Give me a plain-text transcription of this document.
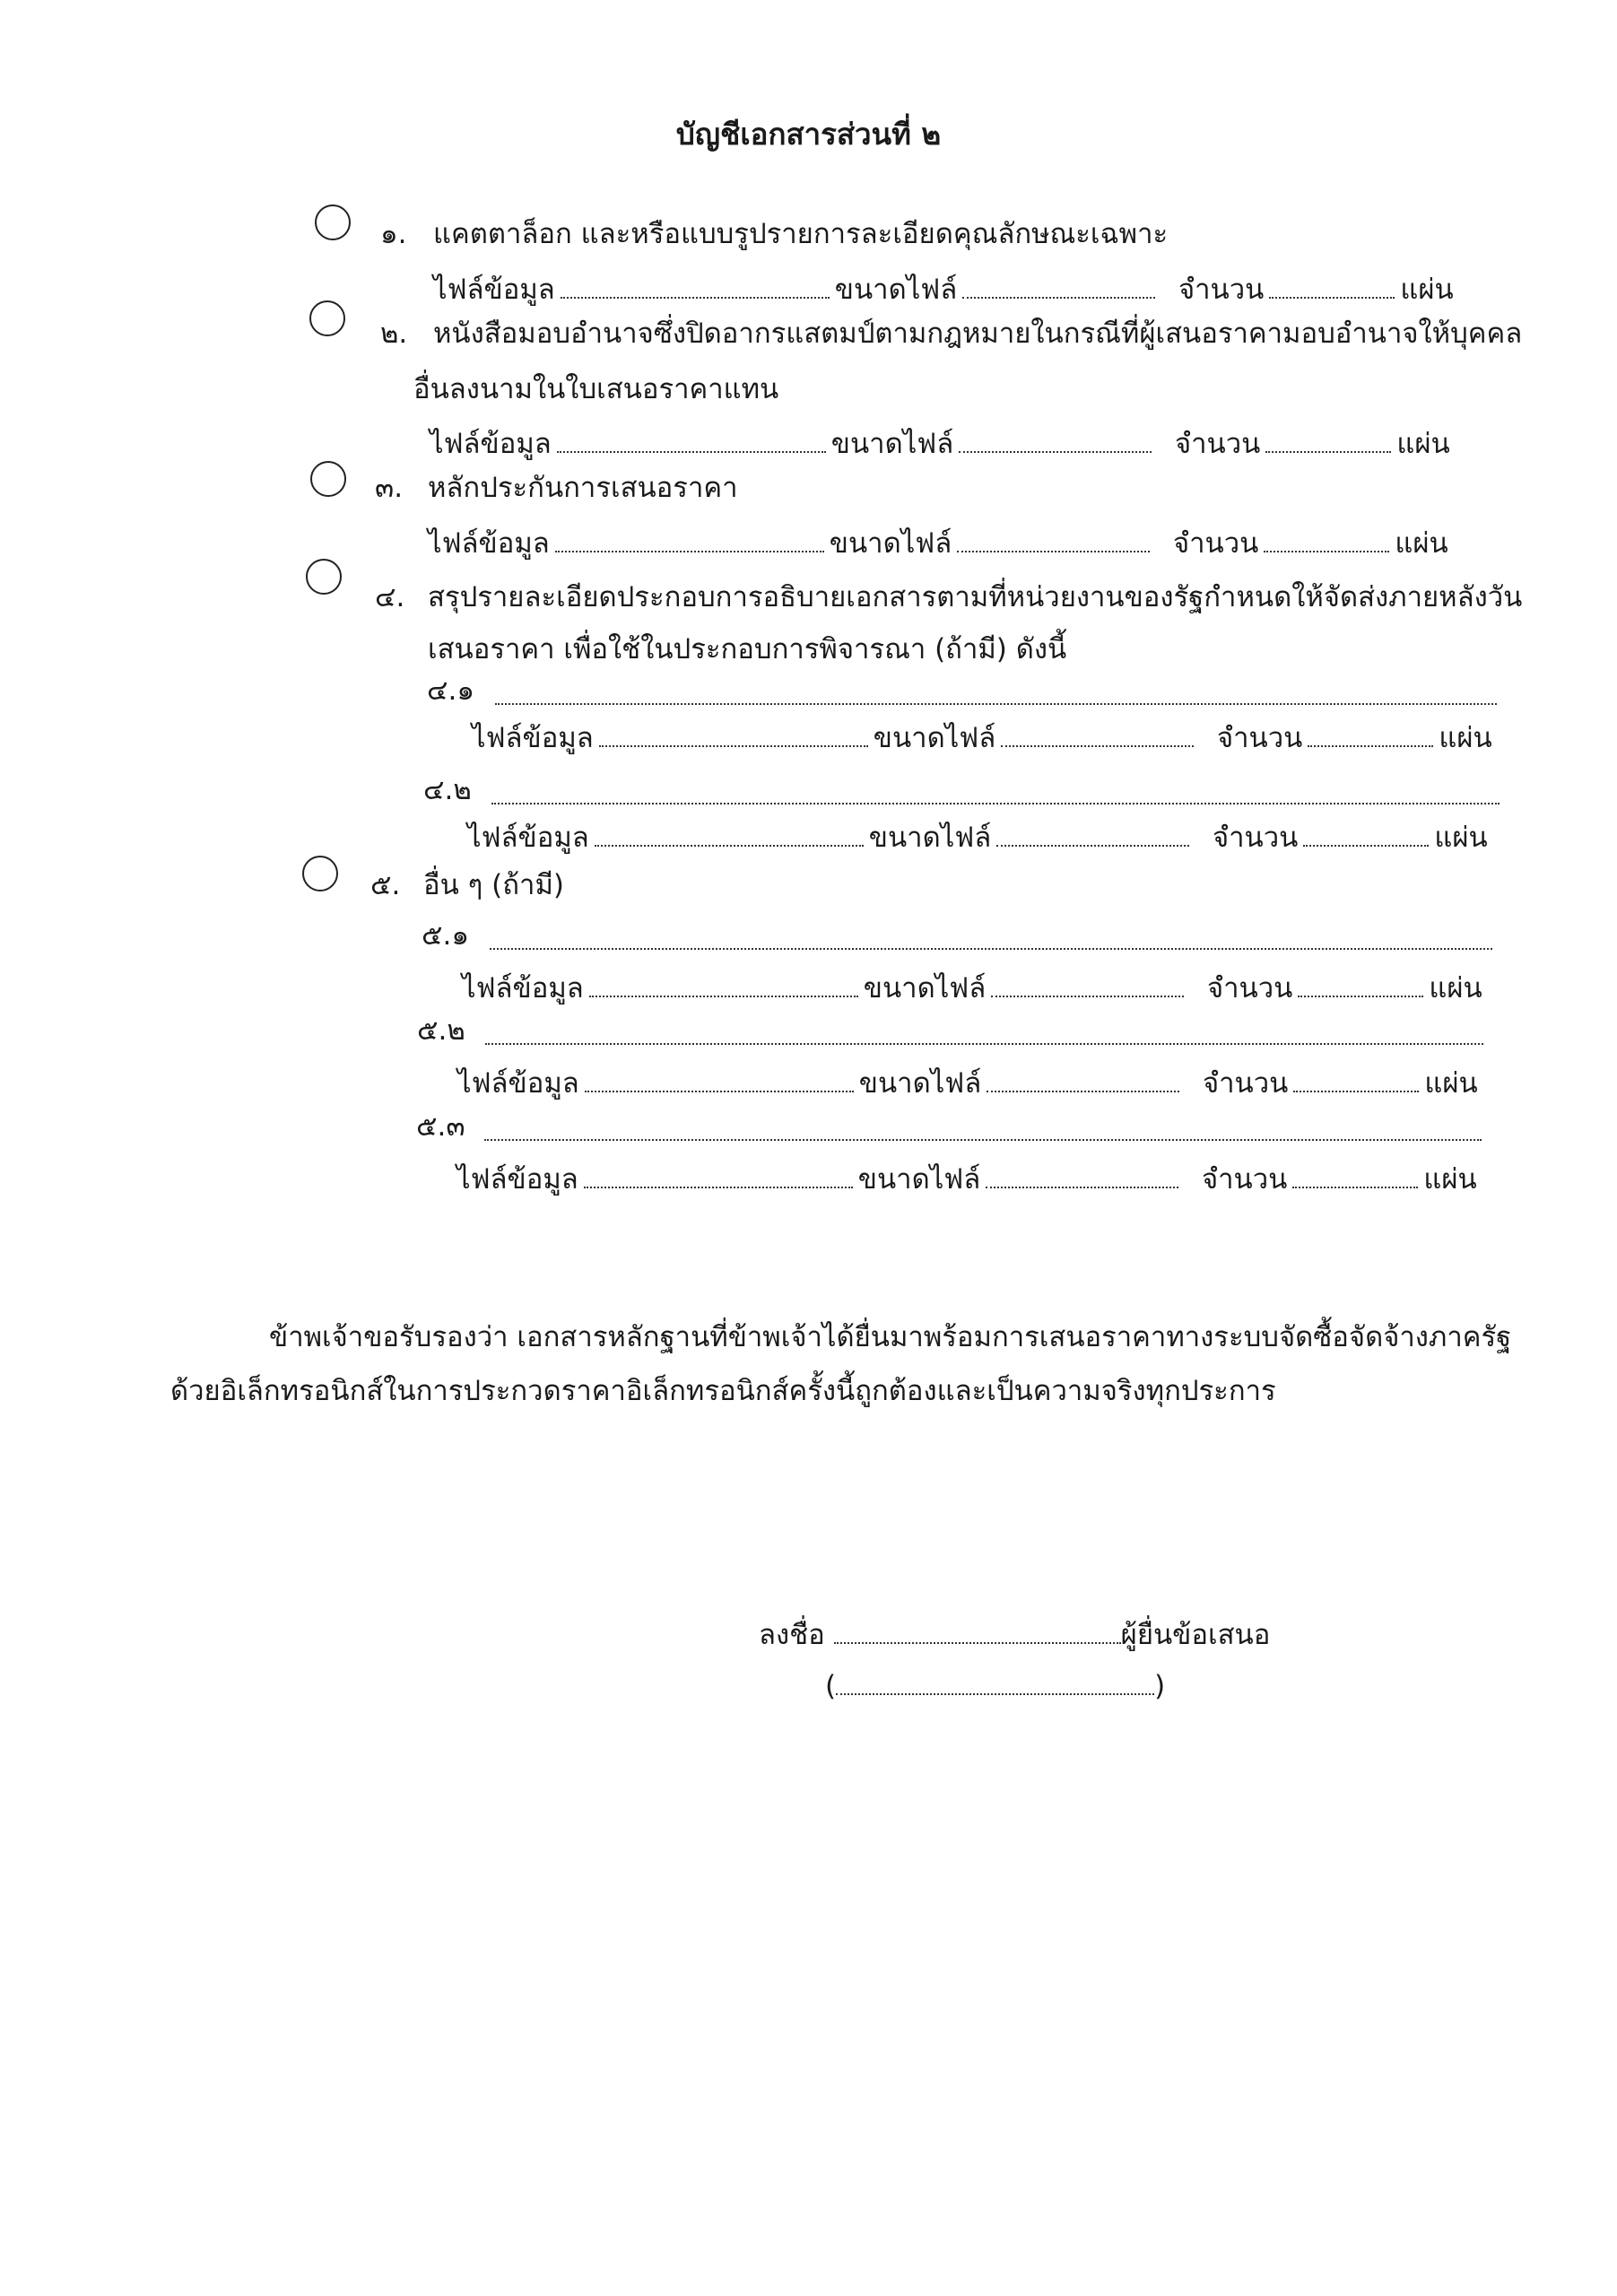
บัญชีเอกสารส่วนที่ ๒
๑. แคตตาล็อก และหรือแบบรูปรายการละเอียดคุณลักษณะเฉพาะ
ไฟล์ข้อมูล	ขนาดไฟล์	จำนวน	แผ่น
๒. หนังสือมอบอำนาจซึ่งปิดอากรแสตมป์ตามกฎหมายในกรณีที่ผู้เสนอราคามอบอำนาจให้บุคคล
อื่นลงนามในใบเสนอราคาแทน
ไฟล์ข้อมูล	ขนาดไฟล์	จำนวน	แผ่น
๓. หลักประกันการเสนอราคา
ไฟล์ข้อมูล	ขนาดไฟล์	จำนวน	แผ่น
๔. สรุปรายละเอียดประกอบการอธิบายเอกสารตามที่หน่วยงานของรัฐกำหนดให้จัดส่งภายหลังวัน
เสนอราคา เพื่อใช้ในประกอบการพิจารณา (ถ้ามี) ดังนี้
๔.๑
ไฟล์ข้อมูล	ขนาดไฟล์	จำนวน	แผ่น
๔.๒
ไฟล์ข้อมูล	ขนาดไฟล์	จำนวน	แผ่น
๕. อื่น ๆ (ถ้ามี)
๕.๑
ไฟล์ข้อมูล	ขนาดไฟล์	จำนวน	แผ่น
๕.๒
ไฟล์ข้อมูล	ขนาดไฟล์	จำนวน	แผ่น
๕.๓
ไฟล์ข้อมูล	ขนาดไฟล์	จำนวน	แผ่น
ข้าพเจ้าขอรับรองว่า เอกสารหลักฐานที่ข้าพเจ้าได้ยื่นมาพร้อมการเสนอราคาทางระบบจัดซื้อจัดจ้างภาครัฐ
ด้วยอิเล็กทรอนิกส์ในการประกวดราคาอิเล็กทรอนิกส์ครั้งนี้ถูกต้องและเป็นความจริงทุกประการ
ลงชื่อ	ผู้ยื่นข้อเสนอ
(	)
